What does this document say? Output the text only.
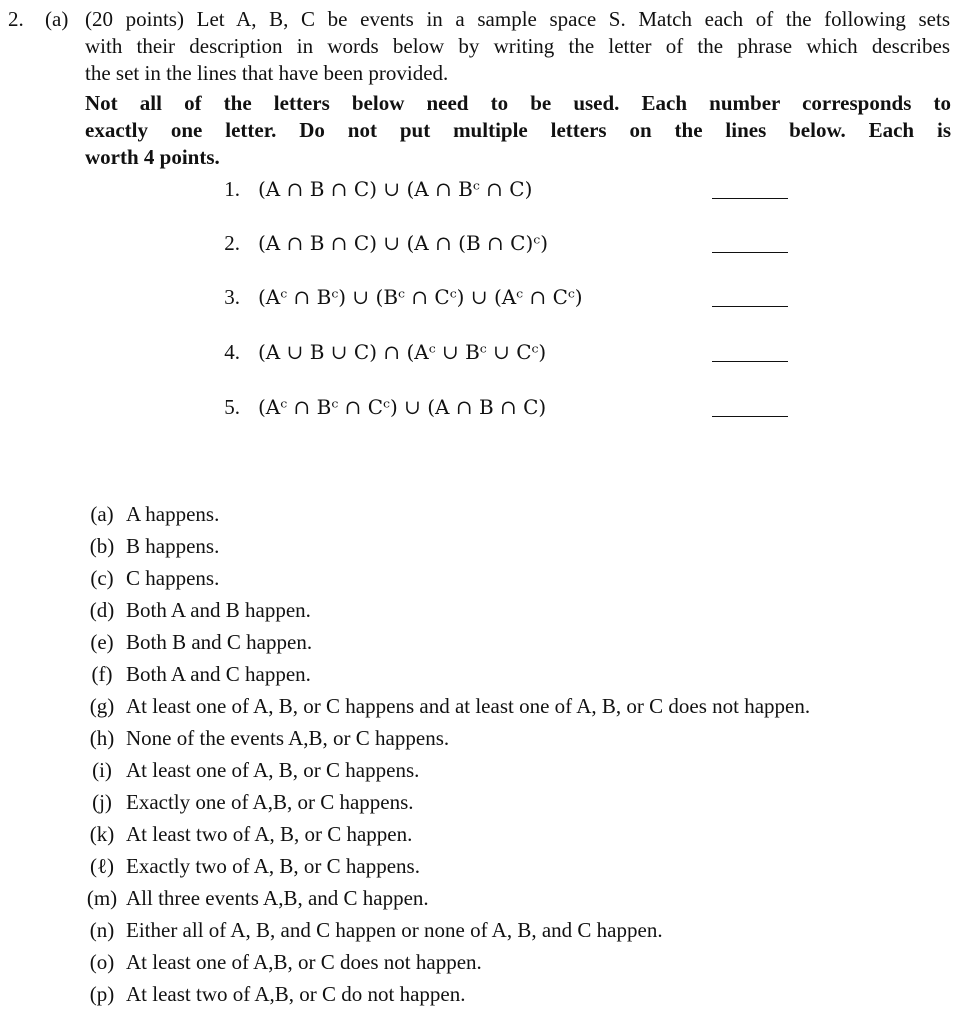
2. (a) (20 points) Let A, B, C be events in a sample space S. Match each of the following sets
with their description in words below by writing the letter of the phrase which describes
the set in the lines that have been provided.
Not all of the letters below need to be used. Each number corresponds to
exactly one letter. Do not put multiple letters on the lines below. Each is
worth 4 points.
1. (A ∩ B ∩ C) ∪ (A ∩ Bᶜ ∩ C)
2. (A ∩ B ∩ C) ∪ (A ∩ (B ∩ C)ᶜ)
3. (Aᶜ ∩ Bᶜ) ∪ (Bᶜ ∩ Cᶜ) ∪ (Aᶜ ∩ Cᶜ)
4. (A ∪ B ∪ C) ∩ (Aᶜ ∪ Bᶜ ∪ Cᶜ)
5. (Aᶜ ∩ Bᶜ ∩ Cᶜ) ∪ (A ∩ B ∩ C)
(a) A happens.
(b) B happens.
(c) C happens.
(d) Both A and B happen.
(e) Both B and C happen.
(f) Both A and C happen.
(g) At least one of A, B, or C happens and at least one of A, B, or C does not happen.
(h) None of the events A,B, or C happens.
(i) At least one of A, B, or C happens.
(j) Exactly one of A,B, or C happens.
(k) At least two of A, B, or C happen.
(ℓ) Exactly two of A, B, or C happens.
(m) All three events A,B, and C happen.
(n) Either all of A, B, and C happen or none of A, B, and C happen.
(o) At least one of A,B, or C does not happen.
(p) At least two of A,B, or C do not happen.
